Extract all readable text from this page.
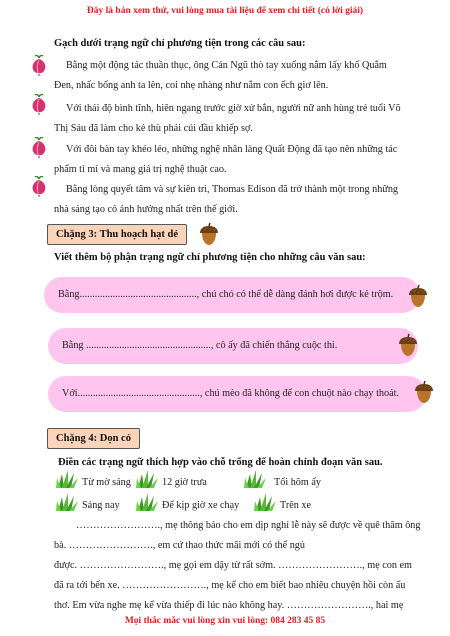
Đây là bản xem thử, vui lòng mua tài liệu để xem chi tiết (có lời giải)
Gạch dưới trạng ngữ chỉ phương tiện trong các câu sau:
Bằng một động tác thuần thục, ông Cán Ngũ thò tay xuống nắm lấy khố Quắm
Đen, nhấc bổng anh ta lên, coi nhẹ nhàng như nắm con ếch giơ lên.
Với thái độ bình tĩnh, hiên ngang trước giờ xử bắn, người nữ anh hùng trẻ tuổi Võ
Thị Sáu đã làm cho kẻ thù phải cúi đầu khiếp sợ.
Với đôi bàn tay khéo léo, những nghệ nhân làng Quất Động đã tạo nên những tác
phẩm tỉ mỉ và mang giá trị nghệ thuật cao.
Bằng lòng quyết tâm và sự kiên trì, Thomas Edison đã trở thành một trong những
nhà sáng tạo có ảnh hưởng nhất trên thế giới.
Chặng 3: Thu hoạch hạt dẻ
Viết thêm bộ phận trạng ngữ chỉ phương tiện cho những câu văn sau:
Bằng.............................................., chú chó có thể dễ dàng đánh hơi được kẻ trộm.
Bằng ................................................., cô ấy đã chiến thắng cuộc thi.
Với................................................, chú mèo đã không để con chuột nào chạy thoát.
Chặng 4: Dọn cỏ
Điền các trạng ngữ thích hợp vào chỗ trống để hoàn chỉnh đoạn văn sau.
Từ mờ sáng	12 giờ trưa	Tối hôm ấy
Sáng nay	Để kịp giờ xe chạy	Trên xe
……………………., mẹ thông báo cho em dịp nghỉ lễ này sẽ được về quê thăm ông
bà. ……………………., em cứ thao thức mãi mới có thể ngủ
được. ……………………., mẹ gọi em dậy từ rất sớm. ……………………., mẹ con em
đã ra tới bến xe. ……………………., mẹ kể cho em biết bao nhiêu chuyện hồi còn ấu
thơ. Em vừa nghe mẹ kể vừa thiếp đi lúc nào không hay. ……………………., hai mẹ
Mọi thắc mắc vui lòng xin vui lòng: 084 283 45 85
